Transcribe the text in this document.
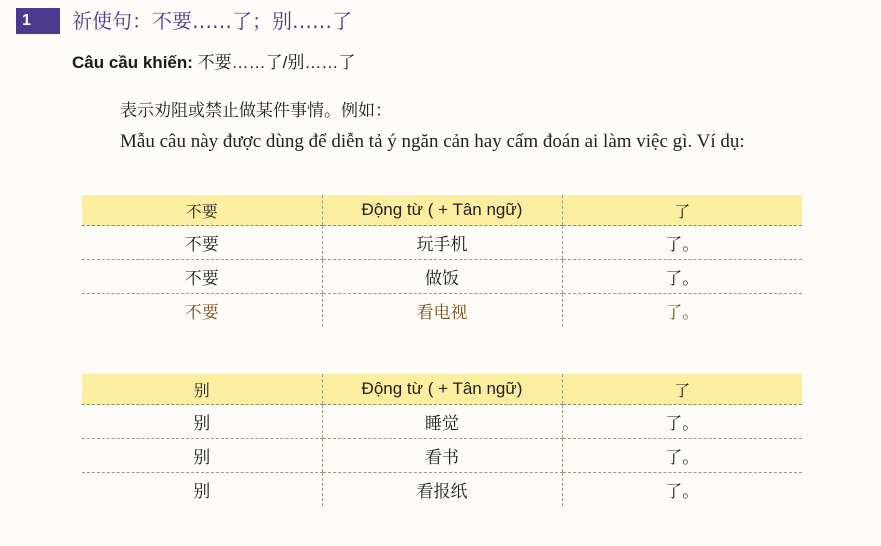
1	祈使句：不要……了；别……了
Câu cầu khiến: 不要……了/别……了
表示劝阻或禁止做某件事情。例如：
Mẫu câu này được dùng để diễn tả ý ngăn cản hay cấm đoán ai làm việc gì. Ví dụ:
不要	Động từ ( + Tân ngữ)	了
不要	玩手机	了。
不要	做饭	了。
不要	看电视	了。
别	Động từ ( + Tân ngữ)	了
别	睡觉	了。
别	看书	了。
别	看报纸	了。
